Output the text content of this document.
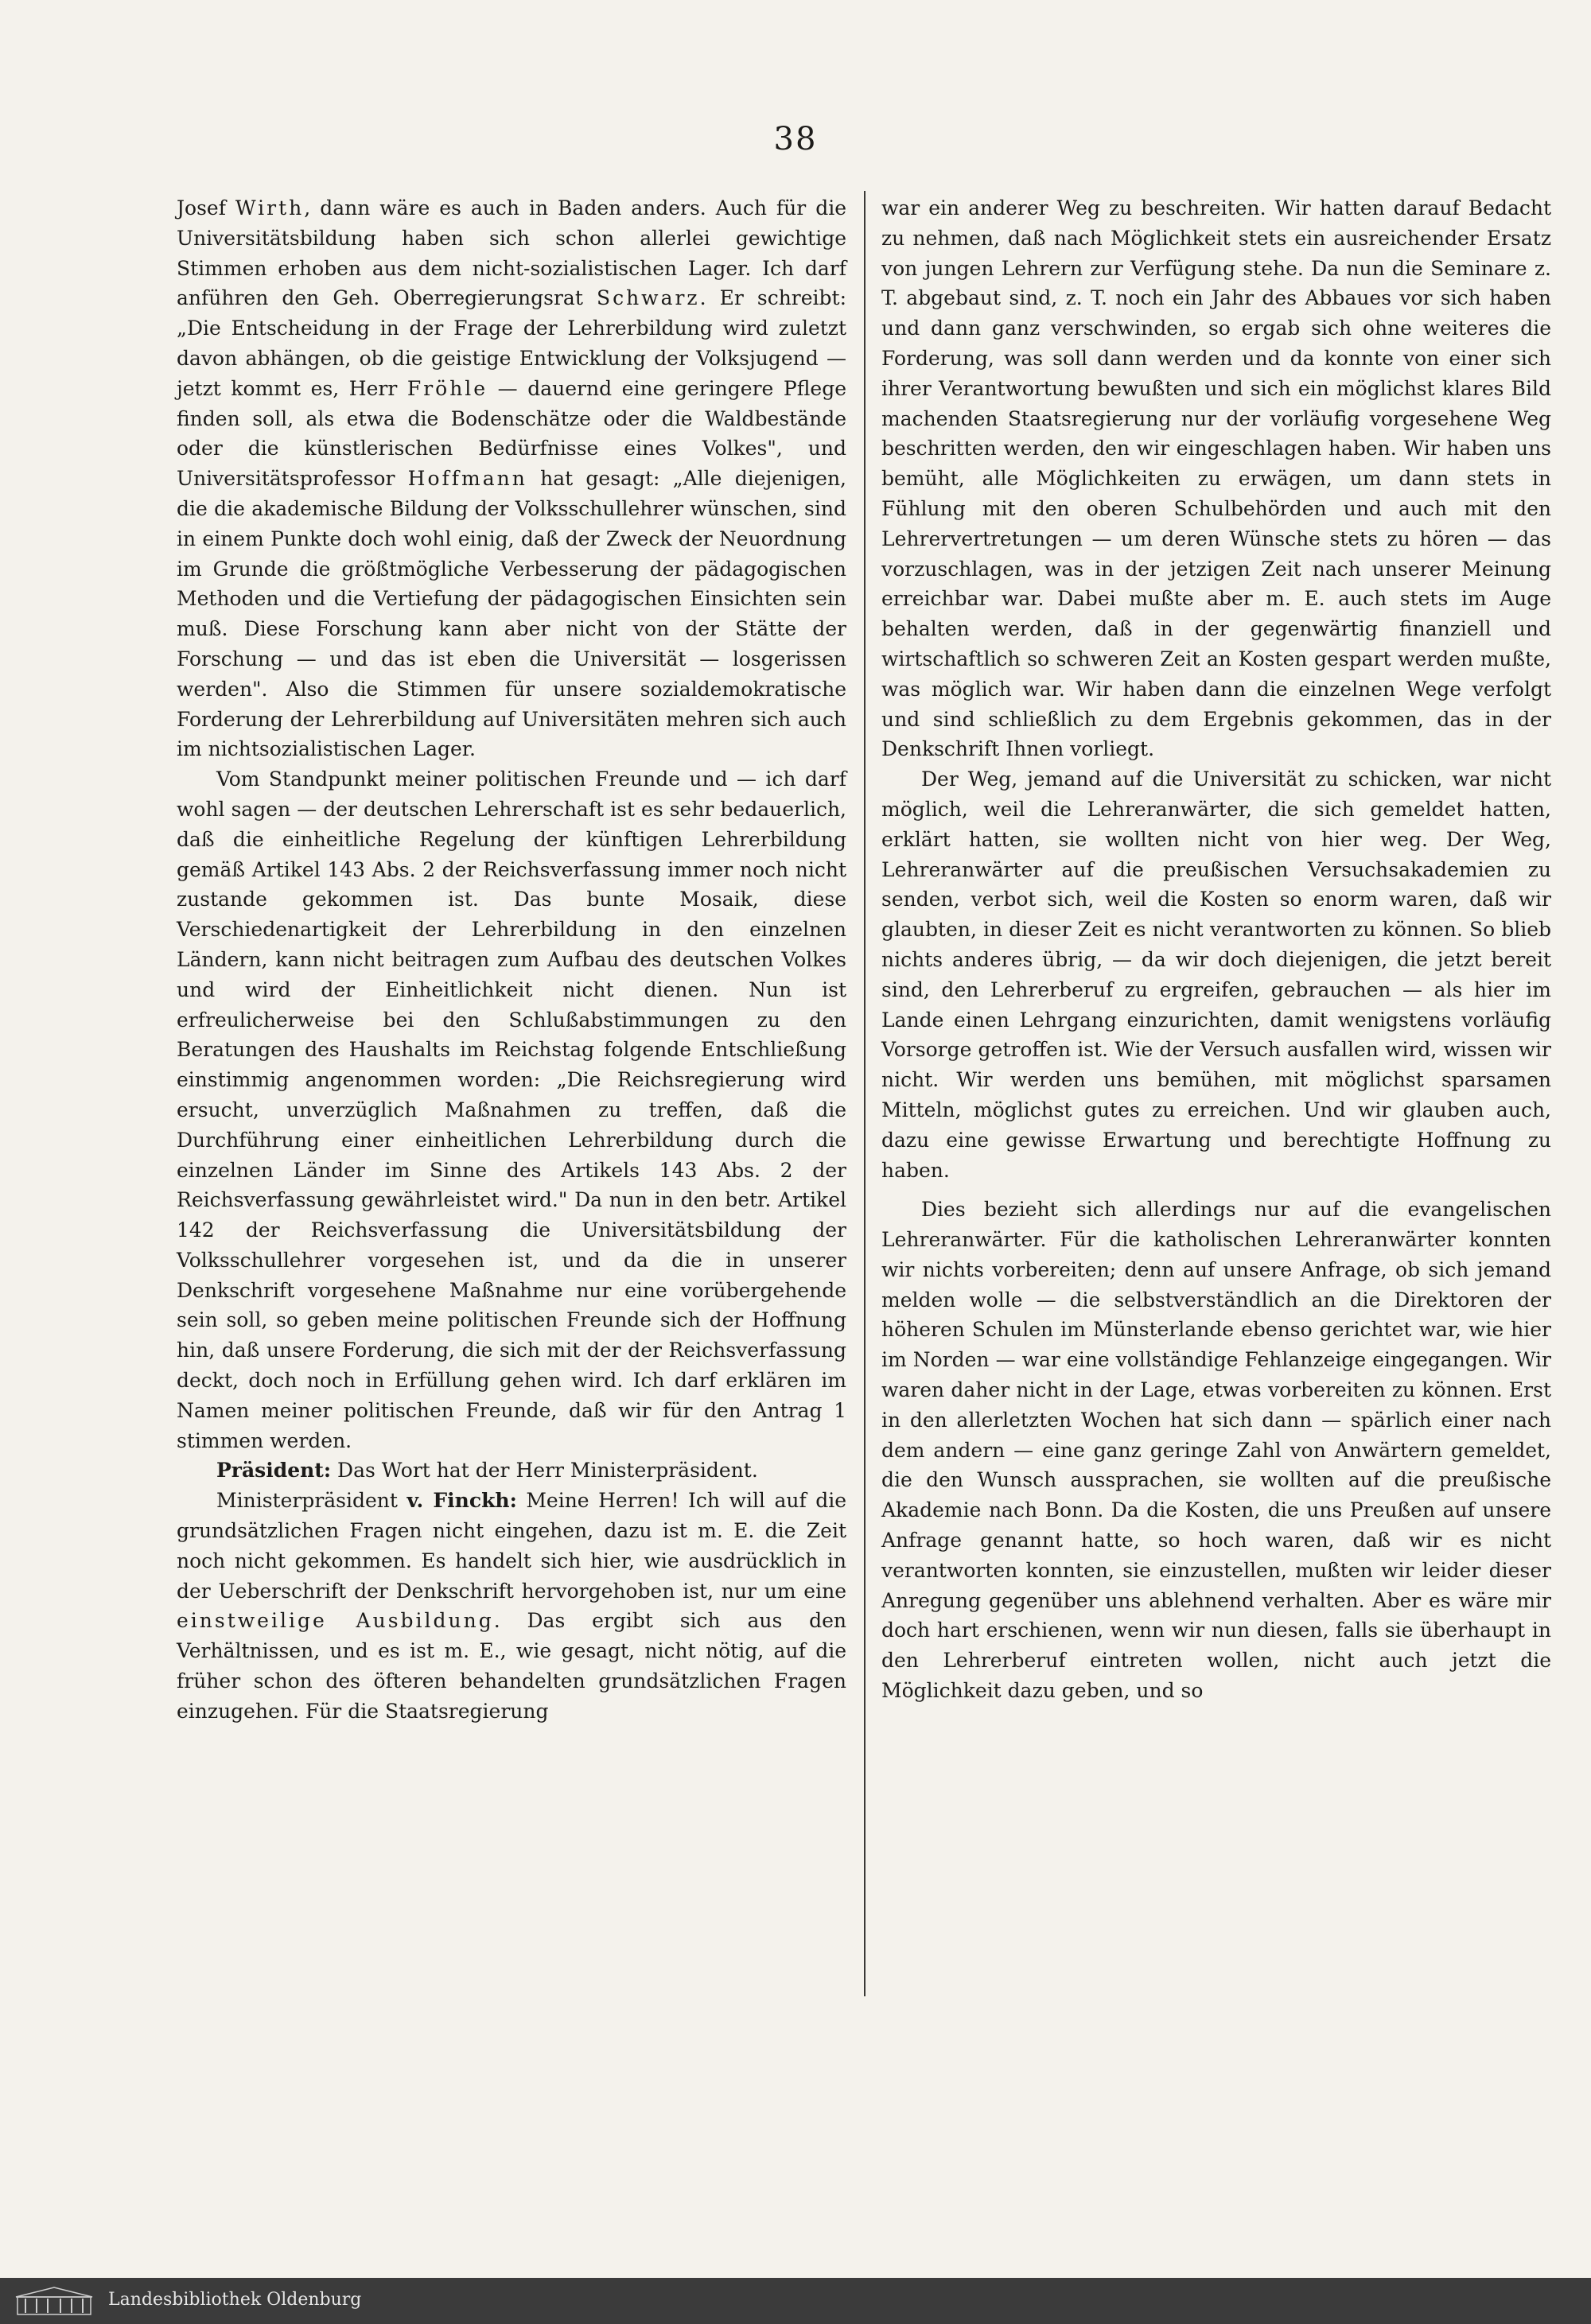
38

Josef Wirth, dann wäre es auch in Baden anders. Auch für die Universitätsbildung haben sich schon allerlei gewichtige Stimmen erhoben aus dem nicht-sozialistischen Lager. Ich darf anführen den Geh. Oberregierungsrat Schwarz. Er schreibt: „Die Entscheidung in der Frage der Lehrerbildung wird zuletzt davon abhängen, ob die geistige Entwicklung der Volksjugend — jetzt kommt es, Herr Fröhle — dauernd eine geringere Pflege finden soll, als etwa die Bodenschätze oder die Waldbestände oder die künstlerischen Bedürfnisse eines Volkes", und Universitätsprofessor Hoffmann hat gesagt: „Alle diejenigen, die die akademische Bildung der Volksschullehrer wünschen, sind in einem Punkte doch wohl einig, daß der Zweck der Neuordnung im Grunde die größtmögliche Verbesserung der pädagogischen Methoden und die Vertiefung der pädagogischen Einsichten sein muß. Diese Forschung kann aber nicht von der Stätte der Forschung — und das ist eben die Universität — losgerissen werden". Also die Stimmen für unsere sozialdemokratische Forderung der Lehrerbildung auf Universitäten mehren sich auch im nichtsozialistischen Lager.

Vom Standpunkt meiner politischen Freunde und — ich darf wohl sagen — der deutschen Lehrerschaft ist es sehr bedauerlich, daß die einheitliche Regelung der künftigen Lehrerbildung gemäß Artikel 143 Abs. 2 der Reichsverfassung immer noch nicht zustande gekommen ist. Das bunte Mosaik, diese Verschiedenartigkeit der Lehrerbildung in den einzelnen Ländern, kann nicht beitragen zum Aufbau des deutschen Volkes und wird der Einheitlichkeit nicht dienen. Nun ist erfreulicherweise bei den Schlußabstimmungen zu den Beratungen des Haushalts im Reichstag folgende Entschließung einstimmig angenommen worden: „Die Reichsregierung wird ersucht, unverzüglich Maßnahmen zu treffen, daß die Durchführung einer einheitlichen Lehrerbildung durch die einzelnen Länder im Sinne des Artikels 143 Abs. 2 der Reichsverfassung gewährleistet wird." Da nun in den betr. Artikel 142 der Reichsverfassung die Universitätsbildung der Volksschullehrer vorgesehen ist, und da die in unserer Denkschrift vorgesehene Maßnahme nur eine vorübergehende sein soll, so geben meine politischen Freunde sich der Hoffnung hin, daß unsere Forderung, die sich mit der der Reichsverfassung deckt, doch noch in Erfüllung gehen wird. Ich darf erklären im Namen meiner politischen Freunde, daß wir für den Antrag 1 stimmen werden.

Präsident: Das Wort hat der Herr Ministerpräsident.

Ministerpräsident v. Finckh: Meine Herren! Ich will auf die grundsätzlichen Fragen nicht eingehen, dazu ist m. E. die Zeit noch nicht gekommen. Es handelt sich hier, wie ausdrücklich in der Ueberschrift der Denkschrift hervorgehoben ist, nur um eine einstweilige Ausbildung. Das ergibt sich aus den Verhältnissen, und es ist m. E., wie gesagt, nicht nötig, auf die früher schon des öfteren behandelten grundsätzlichen Fragen einzugehen. Für die Staatsregierung

war ein anderer Weg zu beschreiten. Wir hatten darauf Bedacht zu nehmen, daß nach Möglichkeit stets ein ausreichender Ersatz von jungen Lehrern zur Verfügung stehe. Da nun die Seminare z. T. abgebaut sind, z. T. noch ein Jahr des Abbaues vor sich haben und dann ganz verschwinden, so ergab sich ohne weiteres die Forderung, was soll dann werden und da konnte von einer sich ihrer Verantwortung bewußten und sich ein möglichst klares Bild machenden Staatsregierung nur der vorläufig vorgesehene Weg beschritten werden, den wir eingeschlagen haben. Wir haben uns bemüht, alle Möglichkeiten zu erwägen, um dann stets in Fühlung mit den oberen Schulbehörden und auch mit den Lehrervertretungen — um deren Wünsche stets zu hören — das vorzuschlagen, was in der jetzigen Zeit nach unserer Meinung erreichbar war. Dabei mußte aber m. E. auch stets im Auge behalten werden, daß in der gegenwärtig finanziell und wirtschaftlich so schweren Zeit an Kosten gespart werden mußte, was möglich war. Wir haben dann die einzelnen Wege verfolgt und sind schließlich zu dem Ergebnis gekommen, das in der Denkschrift Ihnen vorliegt.

Der Weg, jemand auf die Universität zu schicken, war nicht möglich, weil die Lehreranwärter, die sich gemeldet hatten, erklärt hatten, sie wollten nicht von hier weg. Der Weg, Lehreranwärter auf die preußischen Versuchsakademien zu senden, verbot sich, weil die Kosten so enorm waren, daß wir glaubten, in dieser Zeit es nicht verantworten zu können. So blieb nichts anderes übrig, — da wir doch diejenigen, die jetzt bereit sind, den Lehrerberuf zu ergreifen, gebrauchen — als hier im Lande einen Lehrgang einzurichten, damit wenigstens vorläufig Vorsorge getroffen ist. Wie der Versuch ausfallen wird, wissen wir nicht. Wir werden uns bemühen, mit möglichst sparsamen Mitteln, möglichst gutes zu erreichen. Und wir glauben auch, dazu eine gewisse Erwartung und berechtigte Hoffnung zu haben.

Dies bezieht sich allerdings nur auf die evangelischen Lehreranwärter. Für die katholischen Lehreranwärter konnten wir nichts vorbereiten; denn auf unsere Anfrage, ob sich jemand melden wolle — die selbstverständlich an die Direktoren der höheren Schulen im Münsterlande ebenso gerichtet war, wie hier im Norden — war eine vollständige Fehlanzeige eingegangen. Wir waren daher nicht in der Lage, etwas vorbereiten zu können. Erst in den allerletzten Wochen hat sich dann — spärlich einer nach dem andern — eine ganz geringe Zahl von Anwärtern gemeldet, die den Wunsch aussprachen, sie wollten auf die preußische Akademie nach Bonn. Da die Kosten, die uns Preußen auf unsere Anfrage genannt hatte, so hoch waren, daß wir es nicht verantworten konnten, sie einzustellen, mußten wir leider dieser Anregung gegenüber uns ablehnend verhalten. Aber es wäre mir doch hart erschienen, wenn wir nun diesen, falls sie überhaupt in den Lehrerberuf eintreten wollen, nicht auch jetzt die Möglichkeit dazu geben, und so

Landesbibliothek Oldenburg
